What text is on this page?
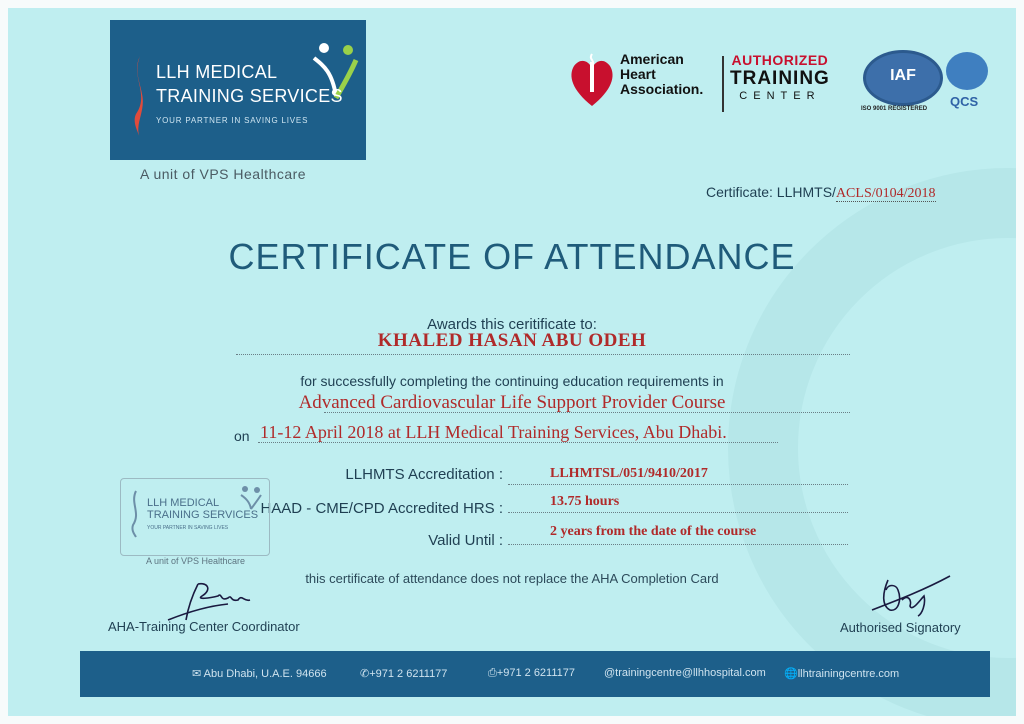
LLH MEDICAL
TRAINING SERVICES
YOUR PARTNER IN SAVING LIVES
A unit of VPS Healthcare
American
Heart
Association.
AUTHORIZED
TRAINING
CENTER
IAF
ISO 9001 REGISTERED QCS
Certificate: LLHMTS/ACLS/0104/2018
CERTIFICATE OF ATTENDANCE
Awards this ceritificate to:
KHALED HASAN ABU ODEH
for successfully completing the continuing education requirements in
Advanced Cardiovascular Life Support Provider Course
on 11-12 April 2018 at LLH Medical Training Services, Abu Dhabi.
LLHMTS Accreditation :	LLHMTSL/051/9410/2017
HAAD - CME/CPD Accredited HRS :	13.75 hours
Valid Until :
2 years from the date of the course
LLH MEDICAL
TRAINING SERVICES
YOUR PARTNER IN SAVING LIVES
A unit of VPS Healthcare
this certificate of attendance does not replace the AHA Completion Card
AHA-Training Center Coordinator	Authorised Signatory
✉ Abu Dhabi, U.A.E. 94666	✆+971 2 6211177	⎙+971 2 6211177	@trainingcentre@llhhospital.com 🌐llhtrainingcentre.com
